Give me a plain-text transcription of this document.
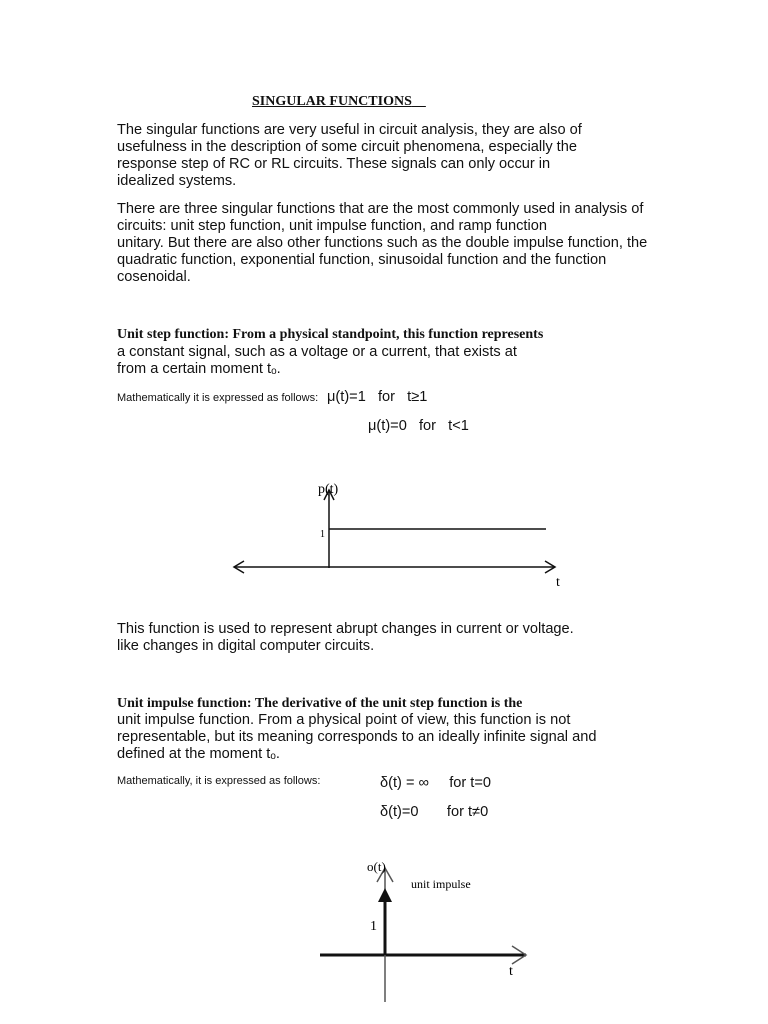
SINGULAR FUNCTIONS
The singular functions are very useful in circuit analysis, they are also of
usefulness in the description of some circuit phenomena, especially the
response step of RC or RL circuits. These signals can only occur in
idealized systems.
There are three singular functions that are the most commonly used in analysis of
circuits: unit step function, unit impulse function, and ramp function
unitary. But there are also other functions such as the double impulse function, the
quadratic function, exponential function, sinusoidal function and the function
cosenoidal.
Unit step function: From a physical standpoint, this function represents
a constant signal, such as a voltage or a current, that exists at
from a certain moment tₒ.
Mathematically it is expressed as follows: μ(t)=1   for   t≥1
μ(t)=0   for   t<1
p(t)
1
t
This function is used to represent abrupt changes in current or voltage.
like changes in digital computer circuits.
Unit impulse function: The derivative of the unit step function is the
unit impulse function. From a physical point of view, this function is not
representable, but its meaning corresponds to an ideally infinite signal and
defined at the moment tₒ.
Mathematically, it is expressed as follows:	δ(t) = ∞     for t=0
δ(t)=0       for t≠0
o(t)
unit impulse
1
t
